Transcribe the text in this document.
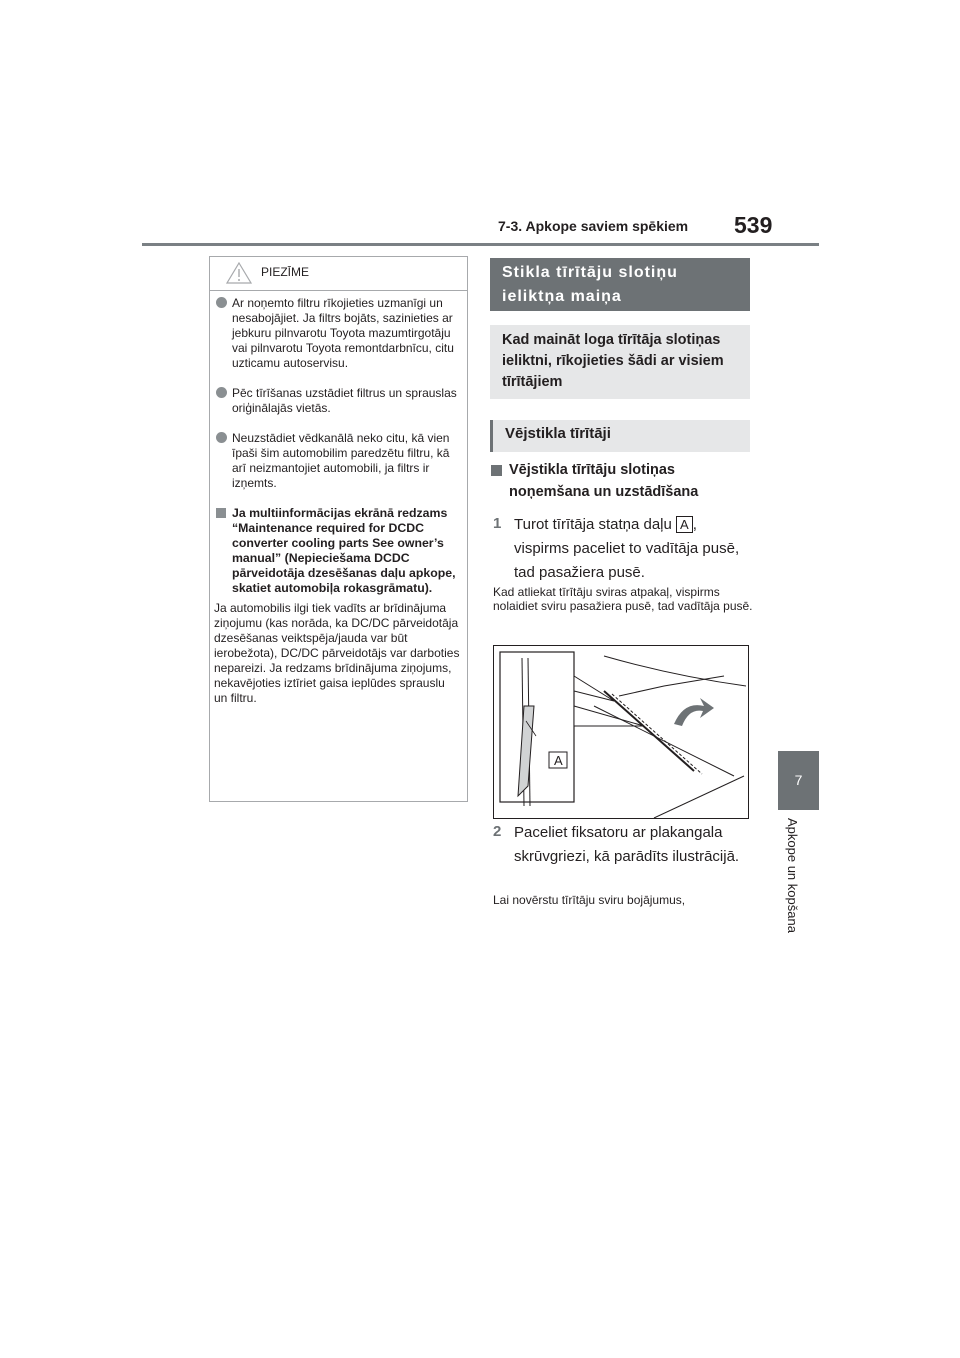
7-3. Apkope saviem spēkiem 539
7
Apkope un kopšana
PIEZĪME
Ar noņemto filtru rīkojieties uzmanīgi un nesabojājiet. Ja filtrs bojāts, sazinieties ar jebkuru pilnvarotu Toyota mazumtirgotāju vai pilnvarotu Toyota remontdarbnīcu, citu uzticamu autoservisu.
Pēc tīrīšanas uzstādiet filtrus un sprauslas oriģinālajās vietās.
Neuzstādiet vēdkanālā neko citu, kā vien īpaši šim automobilim paredzētu filtru, kā arī neizmantojiet automobili, ja filtrs ir izņemts.
Ja multiinformācijas ekrānā redzams “Maintenance required for DCDC converter cooling parts See owner’s manual” (Nepieciešama DCDC pārveidotāja dzesēšanas daļu apkope, skatiet automobiļa rokasgrāmatu).
Ja automobilis ilgi tiek vadīts ar brīdinājuma ziņojumu (kas norāda, ka DC/DC pārveidotāja dzesēšanas veiktspēja/jauda var būt ierobežota), DC/DC pārveidotājs var darboties nepareizi. Ja redzams brīdinājuma ziņojums, nekavējoties iztīriet gaisa ieplūdes sprauslu un filtru.
Stikla tīrītāju slotiņu ieliktņa maiņa
Kad maināt loga tīrītāja slotiņas ieliktni, rīkojieties šādi ar visiem tīrītājiem
Vējstikla tīrītāji
Vējstikla tīrītāju slotiņas noņemšana un uzstādīšana
1 Turot tīrītāja statņa daļu A , vispirms paceliet to vadītāja pusē, tad pasažiera pusē.
Kad atliekat tīrītāju sviras atpakaļ, vispirms nolaidiet sviru pasažiera pusē, tad vadītāja pusē.
A
2 Paceliet fiksatoru ar plakangala skrūvgriezi, kā parādīts ilustrācijā.
Lai novērstu tīrītāju sviru bojājumus,
